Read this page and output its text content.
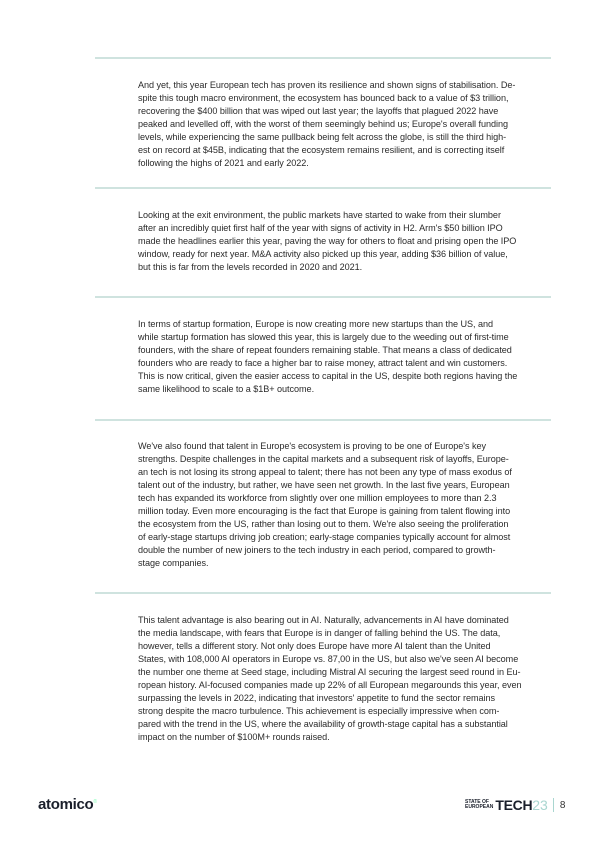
And yet, this year European tech has proven its resilience and shown signs of stabilisation. De-
spite this tough macro environment, the ecosystem has bounced back to a value of $3 trillion,
recovering the $400 billion that was wiped out last year; the layoffs that plagued 2022 have
peaked and levelled off, with the worst of them seemingly behind us; Europe's overall funding
levels, while experiencing the same pullback being felt across the globe, is still the third high-
est on record at $45B, indicating that the ecosystem remains resilient, and is correcting itself
following the highs of 2021 and early 2022.
Looking at the exit environment, the public markets have started to wake from their slumber
after an incredibly quiet first half of the year with signs of activity in H2. Arm's $50 billion IPO
made the headlines earlier this year, paving the way for others to float and prising open the IPO
window, ready for next year. M&A activity also picked up this year, adding $36 billion of value,
but this is far from the levels recorded in 2020 and 2021.
In terms of startup formation, Europe is now creating more new startups than the US, and
while startup formation has slowed this year, this is largely due to the weeding out of first-time
founders, with the share of repeat founders remaining stable. That means a class of dedicated
founders who are ready to face a higher bar to raise money, attract talent and win customers.
This is now critical, given the easier access to capital in the US, despite both regions having the
same likelihood to scale to a $1B+ outcome.
We've also found that talent in Europe's ecosystem is proving to be one of Europe's key
strengths. Despite challenges in the capital markets and a subsequent risk of layoffs, Europe-
an tech is not losing its strong appeal to talent; there has not been any type of mass exodus of
talent out of the industry, but rather, we have seen net growth. In the last five years, European
tech has expanded its workforce from slightly over one million employees to more than 2.3
million today. Even more encouraging is the fact that Europe is gaining from talent flowing into
the ecosystem from the US, rather than losing out to them. We're also seeing the proliferation
of early-stage startups driving job creation; early-stage companies typically account for almost
double the number of new joiners to the tech industry in each period, compared to growth-
stage companies.
This talent advantage is also bearing out in AI. Naturally, advancements in AI have dominated
the media landscape, with fears that Europe is in danger of falling behind the US. The data,
however, tells a different story. Not only does Europe have more AI talent than the United
States, with 108,000 AI operators in Europe vs. 87,00 in the US, but also we've seen AI become
the number one theme at Seed stage, including Mistral AI securing the largest seed round in Eu-
ropean history. AI-focused companies made up 22% of all European megarounds this year, even
surpassing the levels in 2022, indicating that investors' appetite to fund the sector remains
strong despite the macro turbulence. This achievement is especially impressive when com-
pared with the trend in the US, where the availability of growth-stage capital has a substantial
impact on the number of $100M+ rounds raised.
atomico®	STATE OF
EUROPEAN TECH 23 8
